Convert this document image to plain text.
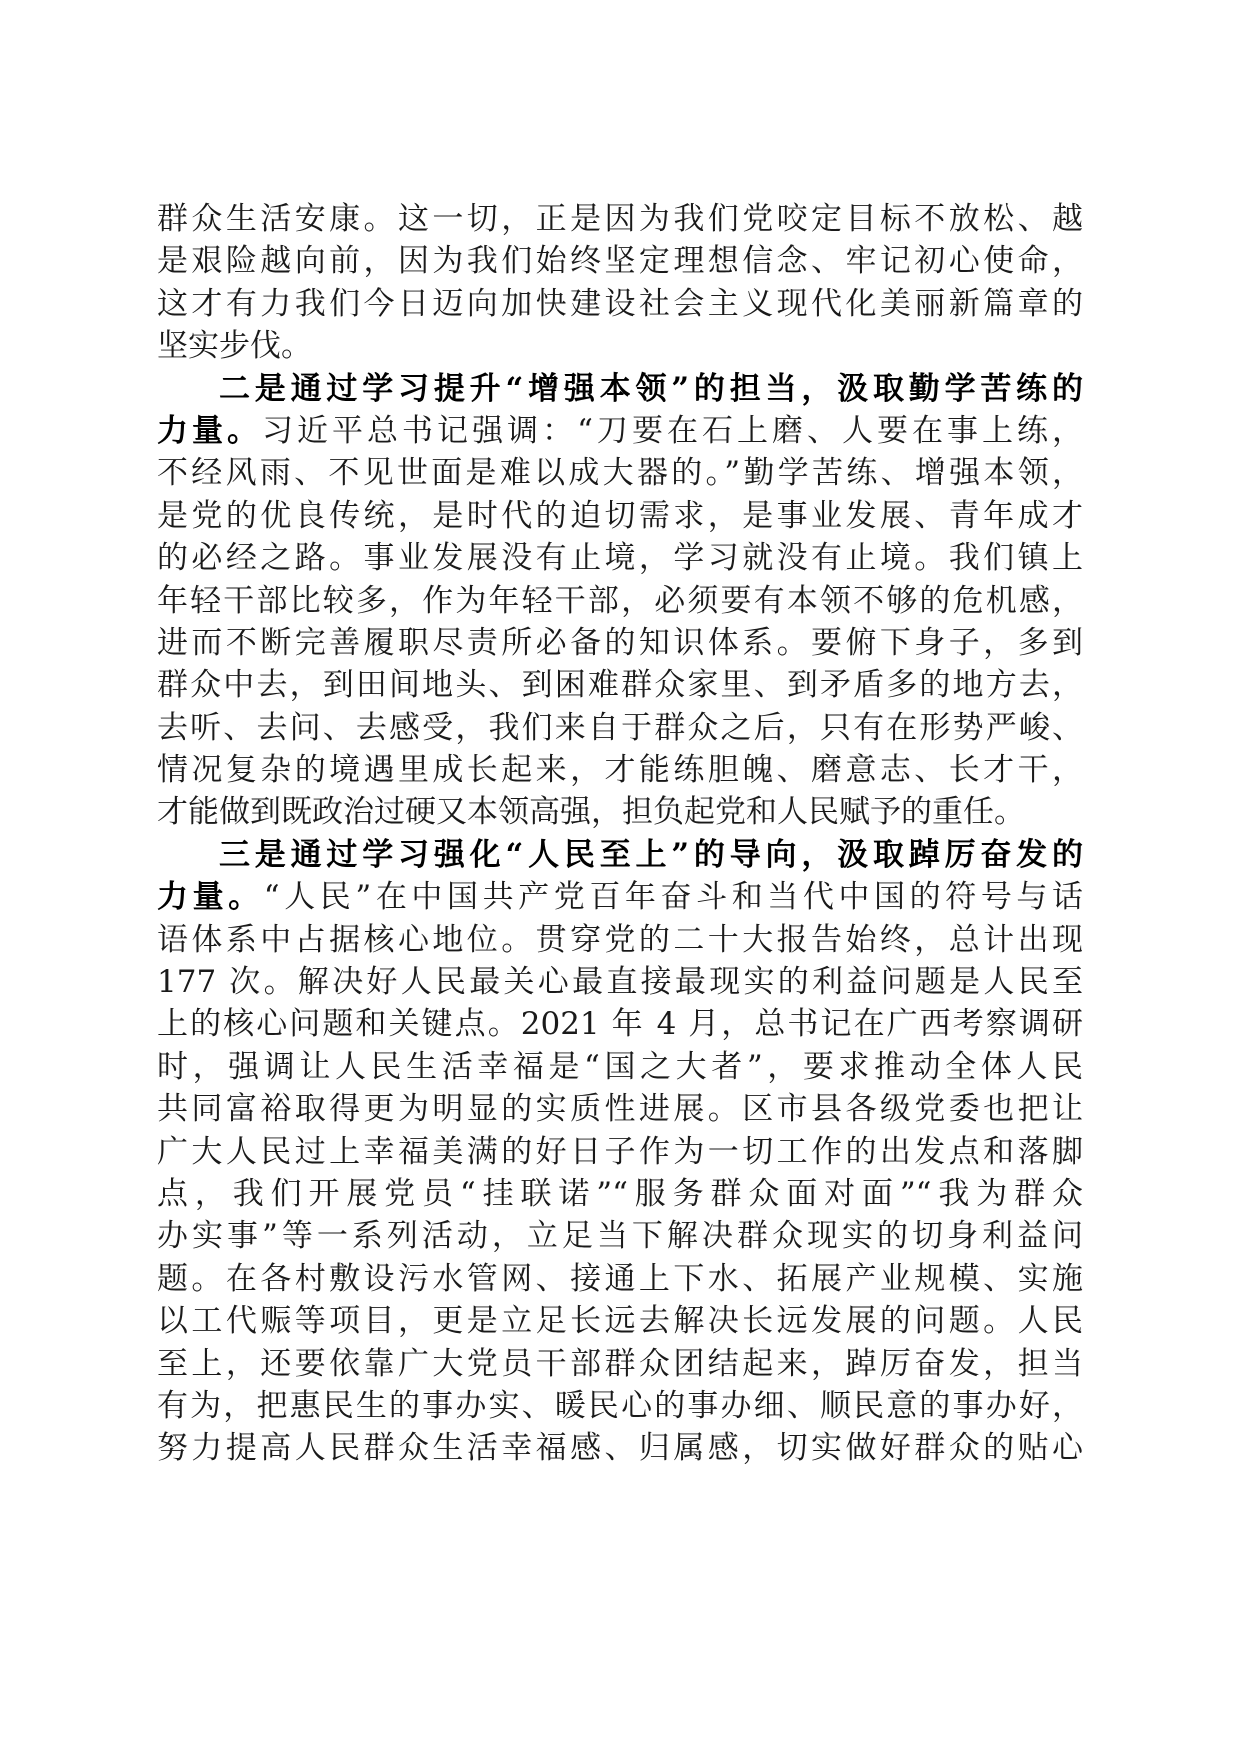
群众生活安康。这一切，正是因为我们党咬定目标不放松、越
是艰险越向前，因为我们始终坚定理想信念、牢记初心使命，
这才有力我们今日迈向加快建设社会主义现代化美丽新篇章的
坚实步伐。
二是通过学习提升“增强本领”的担当，汲取勤学苦练的
力量。习近平总书记强调：“刀要在石上磨、人要在事上练，
不经风雨、不见世面是难以成大器的。”勤学苦练、增强本领，
是党的优良传统，是时代的迫切需求，是事业发展、青年成才
的必经之路。事业发展没有止境，学习就没有止境。我们镇上
年轻干部比较多，作为年轻干部，必须要有本领不够的危机感，
进而不断完善履职尽责所必备的知识体系。要俯下身子，多到
群众中去，到田间地头、到困难群众家里、到矛盾多的地方去，
去听、去问、去感受，我们来自于群众之后，只有在形势严峻、
情况复杂的境遇里成长起来，才能练胆魄、磨意志、长才干，
才能做到既政治过硬又本领高强，担负起党和人民赋予的重任。
三是通过学习强化“人民至上”的导向，汲取踔厉奋发的
力量。“人民”在中国共产党百年奋斗和当代中国的符号与话
语体系中占据核心地位。贯穿党的二十大报告始终，总计出现
177 次。解决好人民最关心最直接最现实的利益问题是人民至
上的核心问题和关键点。2021 年 4 月，总书记在广西考察调研
时，强调让人民生活幸福是“国之大者”，要求推动全体人民
共同富裕取得更为明显的实质性进展。区市县各级党委也把让
广大人民过上幸福美满的好日子作为一切工作的出发点和落脚
点，我们开展党员“挂联诺”“服务群众面对面”“我为群众
办实事”等一系列活动，立足当下解决群众现实的切身利益问
题。在各村敷设污水管网、接通上下水、拓展产业规模、实施
以工代赈等项目，更是立足长远去解决长远发展的问题。人民
至上，还要依靠广大党员干部群众团结起来，踔厉奋发，担当
有为，把惠民生的事办实、暖民心的事办细、顺民意的事办好，
努力提高人民群众生活幸福感、归属感，切实做好群众的贴心
